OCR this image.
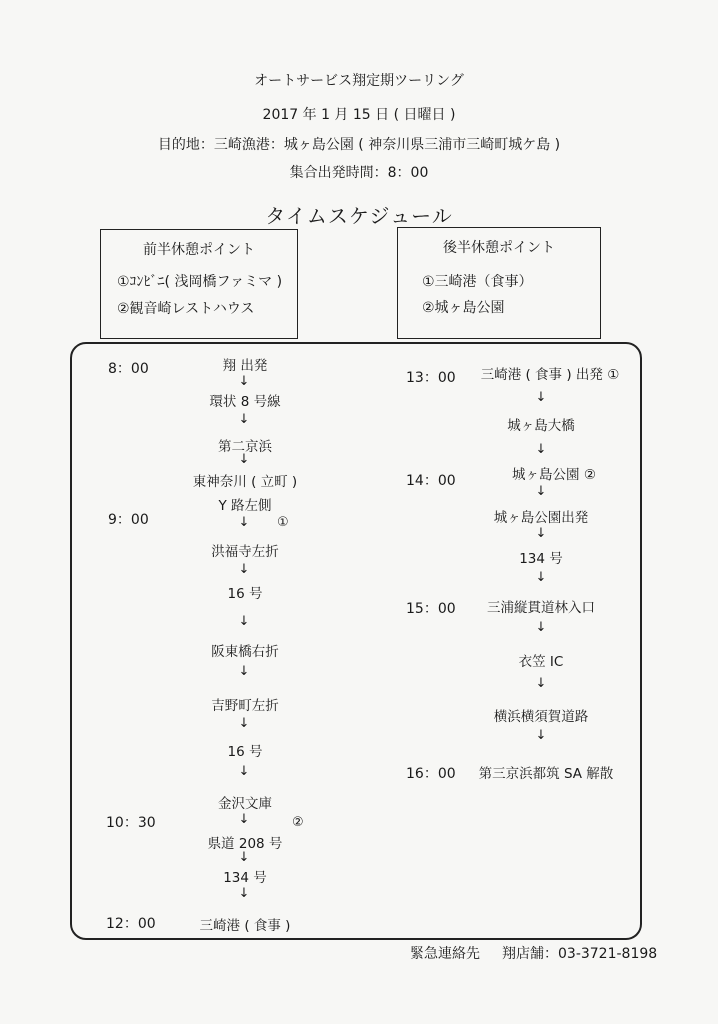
オートサービス翔定期ツーリング
2017 年 1 月 15 日 ( 日曜日 )
目的地：三崎漁港：城ヶ島公園 ( 神奈川県三浦市三崎町城ケ島 )
集合出発時間：8：00
タイムスケジュール
前半休憩ポイント
①ｺﾝﾋﾞﾆ( 浅岡橋ファミマ )
②観音崎レストハウス
後半休憩ポイント
①三崎港（食事）
②城ヶ島公園
8：00
9：00
10：30
12：00
翔 出発
↓
環状 8 号線
↓
第二京浜
↓
東神奈川 ( 立町 )
Y 路左側
↓	①
洪福寺左折
↓
16 号
↓
阪東橋右折
↓
吉野町左折
↓
16 号
↓
金沢文庫
↓	②
県道 208 号
↓
134 号
↓
三崎港 ( 食事 )
13：00
14：00
15：00
16：00
三崎港 ( 食事 ) 出発 ①
↓
城ヶ島大橋
↓
城ヶ島公園 ②
↓
城ヶ島公園出発
↓
134 号
↓
三浦縦貫道林入口
↓
衣笠 IC
↓
横浜横須賀道路
↓
第三京浜都筑 SA 解散
緊急連絡先 翔店舗：03-3721-8198
